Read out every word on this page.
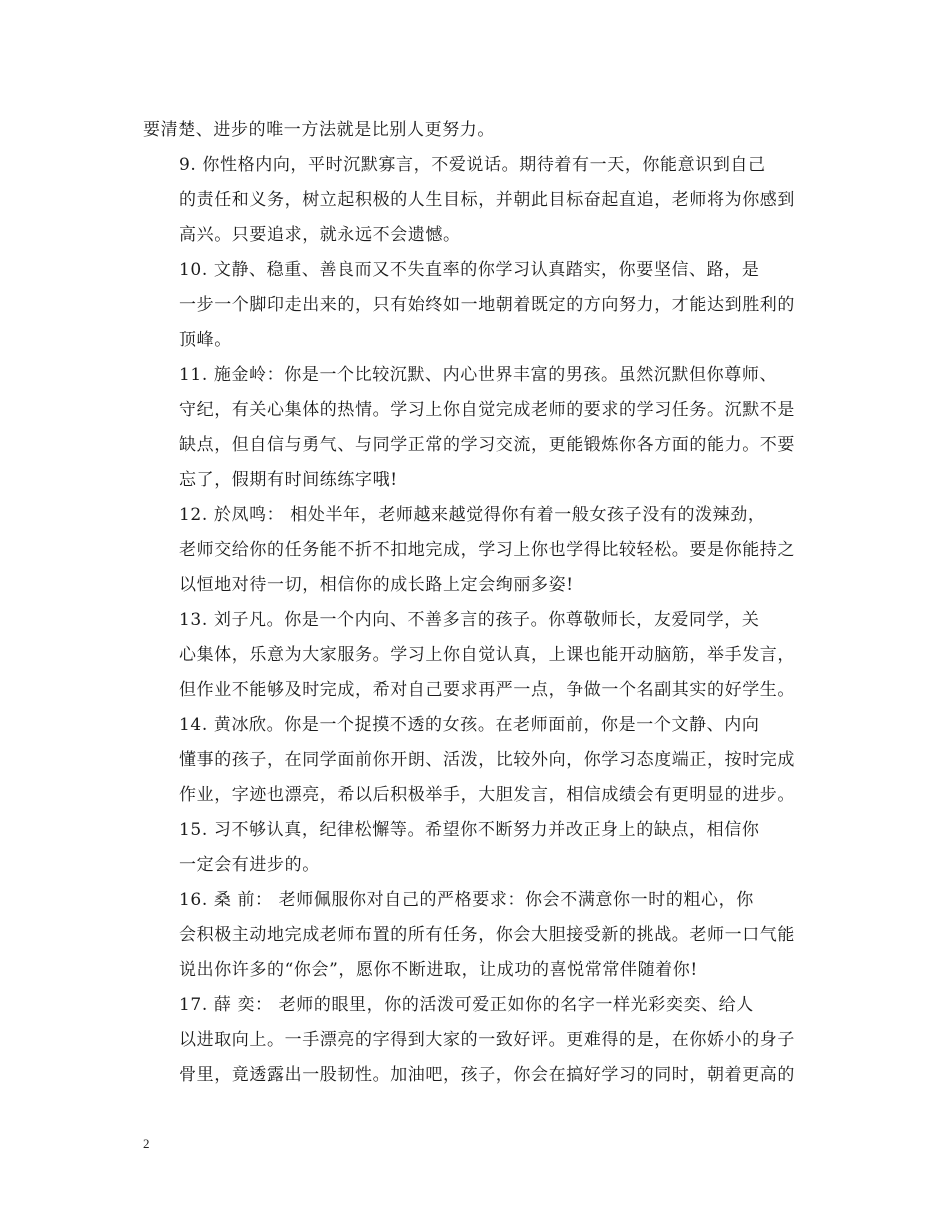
要清楚、进步的唯一方法就是比别人更努力。

9. 你性格内向，平时沉默寡言，不爱说话。期待着有一天，你能意识到自己
的责任和义务，树立起积极的人生目标，并朝此目标奋起直追，老师将为你感到
高兴。只要追求，就永远不会遗憾。

10. 文静、稳重、善良而又不失直率的你学习认真踏实，你要坚信、路，是
一步一个脚印走出来的，只有始终如一地朝着既定的方向努力，才能达到胜利的
顶峰。

11. 施金岭：你是一个比较沉默、内心世界丰富的男孩。虽然沉默但你尊师、
守纪，有关心集体的热情。学习上你自觉完成老师的要求的学习任务。沉默不是
缺点，但自信与勇气、与同学正常的学习交流，更能锻炼你各方面的能力。不要
忘了，假期有时间练练字哦!

12. 於凤鸣： 相处半年，老师越来越觉得你有着一般女孩子没有的泼辣劲，
老师交给你的任务能不折不扣地完成，学习上你也学得比较轻松。要是你能持之
以恒地对待一切，相信你的成长路上定会绚丽多姿!

13. 刘子凡。你是一个内向、不善多言的孩子。你尊敬师长，友爱同学，关
心集体，乐意为大家服务。学习上你自觉认真，上课也能开动脑筋，举手发言，
但作业不能够及时完成，希对自己要求再严一点，争做一个名副其实的好学生。

14. 黄冰欣。你是一个捉摸不透的女孩。在老师面前，你是一个文静、内向
懂事的孩子，在同学面前你开朗、活泼，比较外向，你学习态度端正，按时完成
作业，字迹也漂亮，希以后积极举手，大胆发言，相信成绩会有更明显的进步。

15. 习不够认真，纪律松懈等。希望你不断努力并改正身上的缺点，相信你
一定会有进步的。

16. 桑 前： 老师佩服你对自己的严格要求：你会不满意你一时的粗心，你
会积极主动地完成老师布置的所有任务，你会大胆接受新的挑战。老师一口气能
说出你许多的“你会”，愿你不断进取，让成功的喜悦常常伴随着你!

17. 薛 奕： 老师的眼里，你的活泼可爱正如你的名字一样光彩奕奕、给人
以进取向上。一手漂亮的字得到大家的一致好评。更难得的是，在你娇小的身子
骨里，竟透露出一股韧性。加油吧，孩子，你会在搞好学习的同时，朝着更高的

2
